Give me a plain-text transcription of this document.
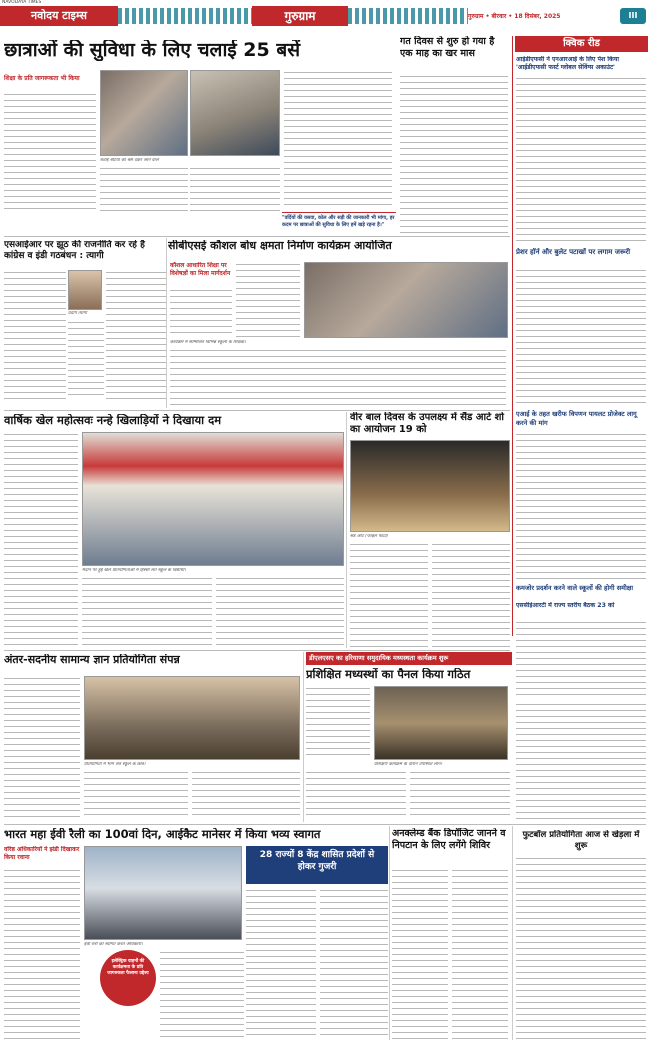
नवोदय टाइम्स
NAVODAYA TIMES
गुरुग्राम	गुरुग्राम • बीरवार • 18 दिसंबर, 2025	III
छात्राओं की सुविधा के लिए चलाई 25 बसें
शिक्षा के प्रति जागरूकता भी किया
बताई बेटियों को बस देकर जाने वाले
"वर्दियों की वसवा, कोल और सड़ी की जानकारी भी मांगा, हर कदम पर छात्राओं की सुविधा के लिए हमें खड़े रहना है।"
गत दिवस से शुरु हो गया है एक माह का खर मास
क्विक रीड
आईडीएफसी ने एनआरआई के लिए पेश किया 'आईडीएफसी फर्स्ट ग्लोबल सेविंग्स अकाउंट'
प्रेशर हॉर्न और बुलेट पटाखों पर लगाम जरूरी
एआई के तहत खरीफ विपणन पायलट प्रोजेक्ट लागू करने की मांग
कमजोर प्रदर्शन करने वाले स्कूलों की होगी समीक्षा
एससीईआरटी में राज्य स्तरीय बैठक 23 को
एसआईआर पर झूठ की राजनीति कर रहे है कांग्रेस व इंडी गठबंधन : त्यागी
प्रदीप त्यागी
सीबीएसई कौशल बोध क्षमता निर्माण कार्यक्रम आयोजित
कौशल आधारित शिक्षा पर विशेषज्ञों का मिला मार्गदर्शन
कार्यक्रम में सम्मिलित विभिन्न स्कूलों के शिक्षक।
वार्षिक खेल महोत्सवः नन्हे खिलाड़ियों ने दिखाया दम
मैदान पर हुई खेल प्रतियोगिताओं में हिस्सा लेते स्कूल के विद्यार्थी।
वीर बाल दिवस के उपलक्ष्य में सैंड आर्ट शो का आयोजन 19 को
सैंड आर्ट (फाइल फोटो)
अंतर-सदनीय सामान्य ज्ञान प्रतियोगिता संपन्न
प्रतियोगिता में भाग लेते स्कूल के छात्र।
डीएलएसए का हरियाणा समुदायिक मध्यस्थता कार्यक्रम शुरू
प्रशिक्षित मध्यस्थों का पैनल किया गठित
प्रशिक्षण कार्यक्रम के दौरान उपस्थित लोग।
भारत महा ईवी रैली का 100वां दिन, आईकैट मानेसर में किया भव्य स्वागत
वरिष्ठ अधिकारियों ने झंडी दिखाकर किया रवाना	28 राज्यों 8 केंद्र शासित प्रदेशों से होकर गुजरी
ईवी रैली का स्वागत करते अधिकारी।
इलेक्ट्रिक वाहनों की कार्यक्षमता के प्रति जागरुकता फैलाना उद्देश्य
अनक्लेम्ड बैंक डिपॉजिट जानने व निपटान के लिए लगेंगे शिविर
फुटबॉल प्रतियोगिता आज से खेड़ला में शुरू
